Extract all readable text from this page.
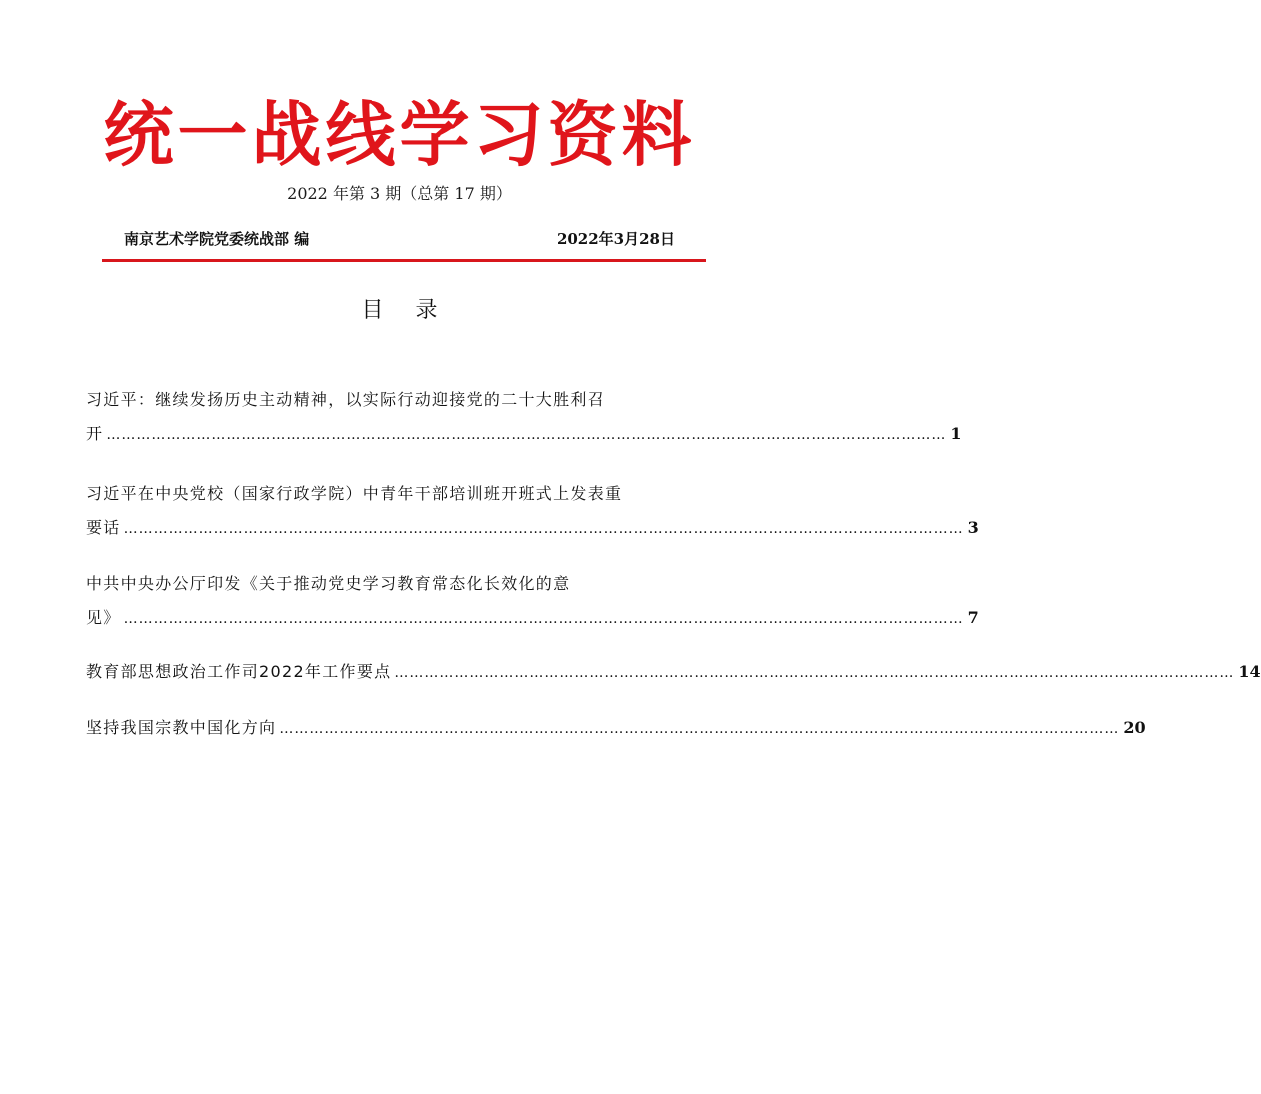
统一战线学习资料
2022 年第 3 期（总第 17 期）
南京艺术学院党委统战部 编	2022年3月28日
目录
习近平：继续发扬历史主动精神，以实际行动迎接党的二十大胜利召
开 …………………………………………………………………………………………………………………………………………………… 1
习近平在中央党校（国家行政学院）中青年干部培训班开班式上发表重
要话 …………………………………………………………………………………………………………………………………………………… 3
中共中央办公厅印发《关于推动党史学习教育常态化长效化的意
见》 …………………………………………………………………………………………………………………………………………………… 7
教育部思想政治工作司2022年工作要点 …………………………………………………………………………………………………………………………………………………… 14
坚持我国宗教中国化方向 …………………………………………………………………………………………………………………………………………………… 20
